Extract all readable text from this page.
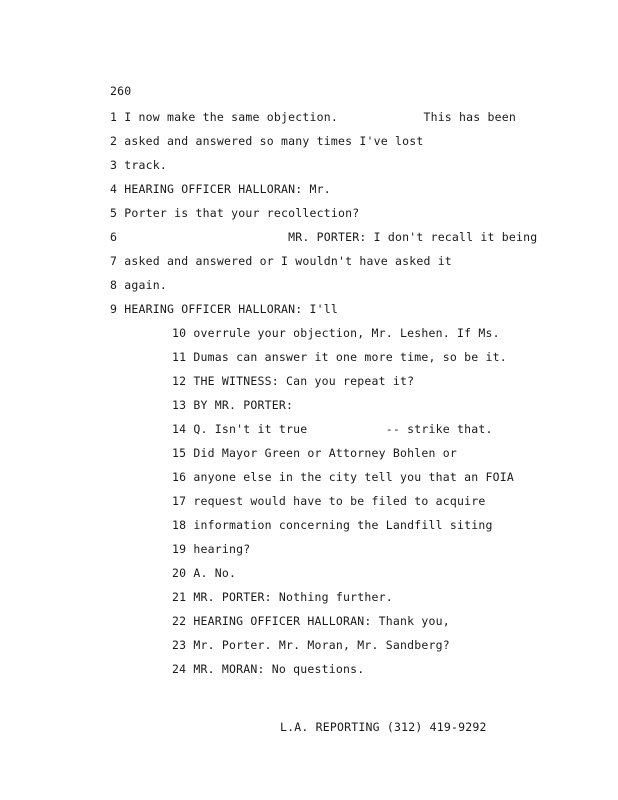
260
1 I now make the same objection.            This has been
2 asked and answered so many times I've lost
3 track.
4 HEARING OFFICER HALLORAN: Mr.
5 Porter is that your recollection?
6                        MR. PORTER: I don't recall it being
7 asked and answered or I wouldn't have asked it
8 again.
9 HEARING OFFICER HALLORAN: I'll
10 overrule your objection, Mr. Leshen. If Ms.
11 Dumas can answer it one more time, so be it.
12 THE WITNESS: Can you repeat it?
13 BY MR. PORTER:
14 Q. Isn't it true           -- strike that.
15 Did Mayor Green or Attorney Bohlen or
16 anyone else in the city tell you that an FOIA
17 request would have to be filed to acquire
18 information concerning the Landfill siting
19 hearing?
20 A. No.
21 MR. PORTER: Nothing further.
22 HEARING OFFICER HALLORAN: Thank you,
23 Mr. Porter. Mr. Moran, Mr. Sandberg?
24 MR. MORAN: No questions.
L.A. REPORTING (312) 419-9292
